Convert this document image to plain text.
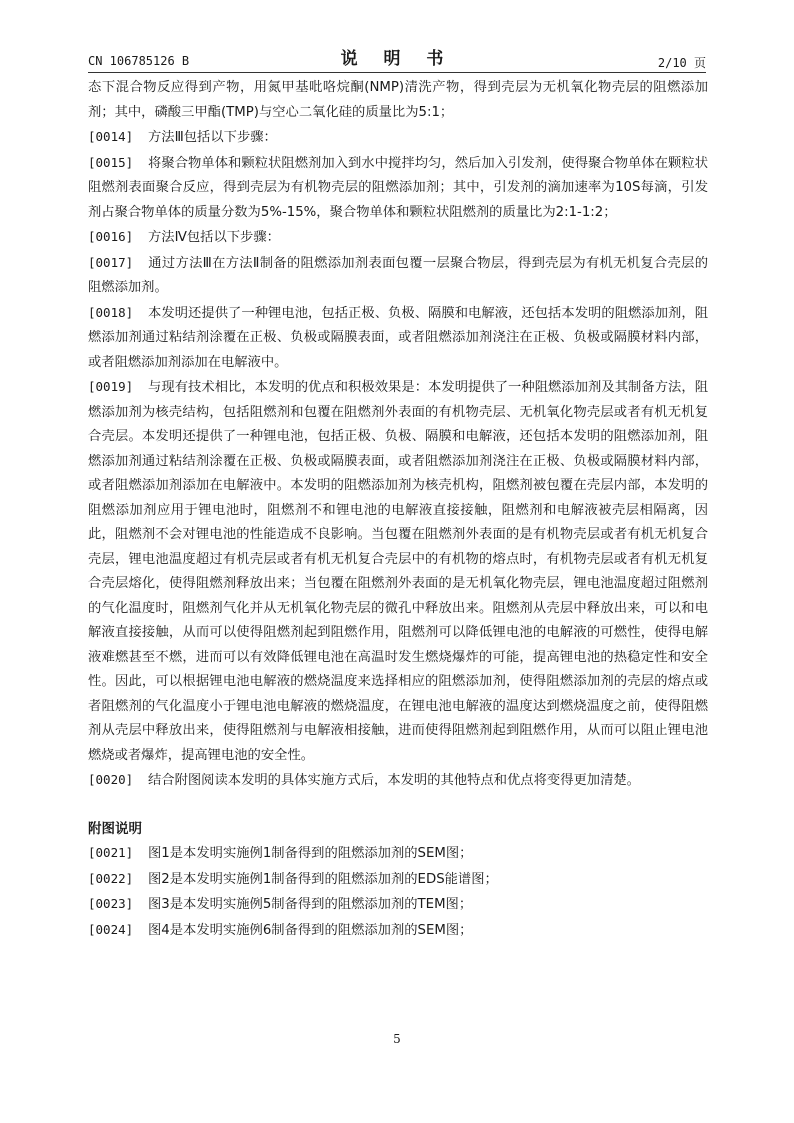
CN 106785126 B	说 明 书	2/10 页
态下混合物反应得到产物，用氮甲基吡咯烷酮(NMP)清洗产物，得到壳层为无机氧化物壳层的阻燃添加剂；其中，磷酸三甲酯(TMP)与空心二氧化硅的质量比为5:1；
[0014] 方法Ⅲ包括以下步骤：
[0015] 将聚合物单体和颗粒状阻燃剂加入到水中搅拌均匀，然后加入引发剂，使得聚合物单体在颗粒状阻燃剂表面聚合反应，得到壳层为有机物壳层的阻燃添加剂；其中，引发剂的滴加速率为10S每滴，引发剂占聚合物单体的质量分数为5%-15%，聚合物单体和颗粒状阻燃剂的质量比为2:1-1:2；
[0016] 方法Ⅳ包括以下步骤：
[0017] 通过方法Ⅲ在方法Ⅱ制备的阻燃添加剂表面包覆一层聚合物层，得到壳层为有机无机复合壳层的阻燃添加剂。
[0018] 本发明还提供了一种锂电池，包括正极、负极、隔膜和电解液，还包括本发明的阻燃添加剂，阻燃添加剂通过粘结剂涂覆在正极、负极或隔膜表面，或者阻燃添加剂浇注在正极、负极或隔膜材料内部，或者阻燃添加剂添加在电解液中。
[0019] 与现有技术相比，本发明的优点和积极效果是：本发明提供了一种阻燃添加剂及其制备方法，阻燃添加剂为核壳结构，包括阻燃剂和包覆在阻燃剂外表面的有机物壳层、无机氧化物壳层或者有机无机复合壳层。本发明还提供了一种锂电池，包括正极、负极、隔膜和电解液，还包括本发明的阻燃添加剂，阻燃添加剂通过粘结剂涂覆在正极、负极或隔膜表面，或者阻燃添加剂浇注在正极、负极或隔膜材料内部，或者阻燃添加剂添加在电解液中。本发明的阻燃添加剂为核壳机构，阻燃剂被包覆在壳层内部，本发明的阻燃添加剂应用于锂电池时，阻燃剂不和锂电池的电解液直接接触，阻燃剂和电解液被壳层相隔离，因此，阻燃剂不会对锂电池的性能造成不良影响。当包覆在阻燃剂外表面的是有机物壳层或者有机无机复合壳层，锂电池温度超过有机壳层或者有机无机复合壳层中的有机物的熔点时，有机物壳层或者有机无机复合壳层熔化，使得阻燃剂释放出来；当包覆在阻燃剂外表面的是无机氧化物壳层，锂电池温度超过阻燃剂的气化温度时，阻燃剂气化并从无机氧化物壳层的微孔中释放出来。阻燃剂从壳层中释放出来，可以和电解液直接接触，从而可以使得阻燃剂起到阻燃作用，阻燃剂可以降低锂电池的电解液的可燃性，使得电解液难燃甚至不燃，进而可以有效降低锂电池在高温时发生燃烧爆炸的可能，提高锂电池的热稳定性和安全性。因此，可以根据锂电池电解液的燃烧温度来选择相应的阻燃添加剂，使得阻燃添加剂的壳层的熔点或者阻燃剂的气化温度小于锂电池电解液的燃烧温度，在锂电池电解液的温度达到燃烧温度之前，使得阻燃剂从壳层中释放出来，使得阻燃剂与电解液相接触，进而使得阻燃剂起到阻燃作用，从而可以阻止锂电池燃烧或者爆炸，提高锂电池的安全性。
[0020] 结合附图阅读本发明的具体实施方式后，本发明的其他特点和优点将变得更加清楚。
附图说明
[0021] 图1是本发明实施例1制备得到的阻燃添加剂的SEM图；
[0022] 图2是本发明实施例1制备得到的阻燃添加剂的EDS能谱图；
[0023] 图3是本发明实施例5制备得到的阻燃添加剂的TEM图；
[0024] 图4是本发明实施例6制备得到的阻燃添加剂的SEM图；
5
